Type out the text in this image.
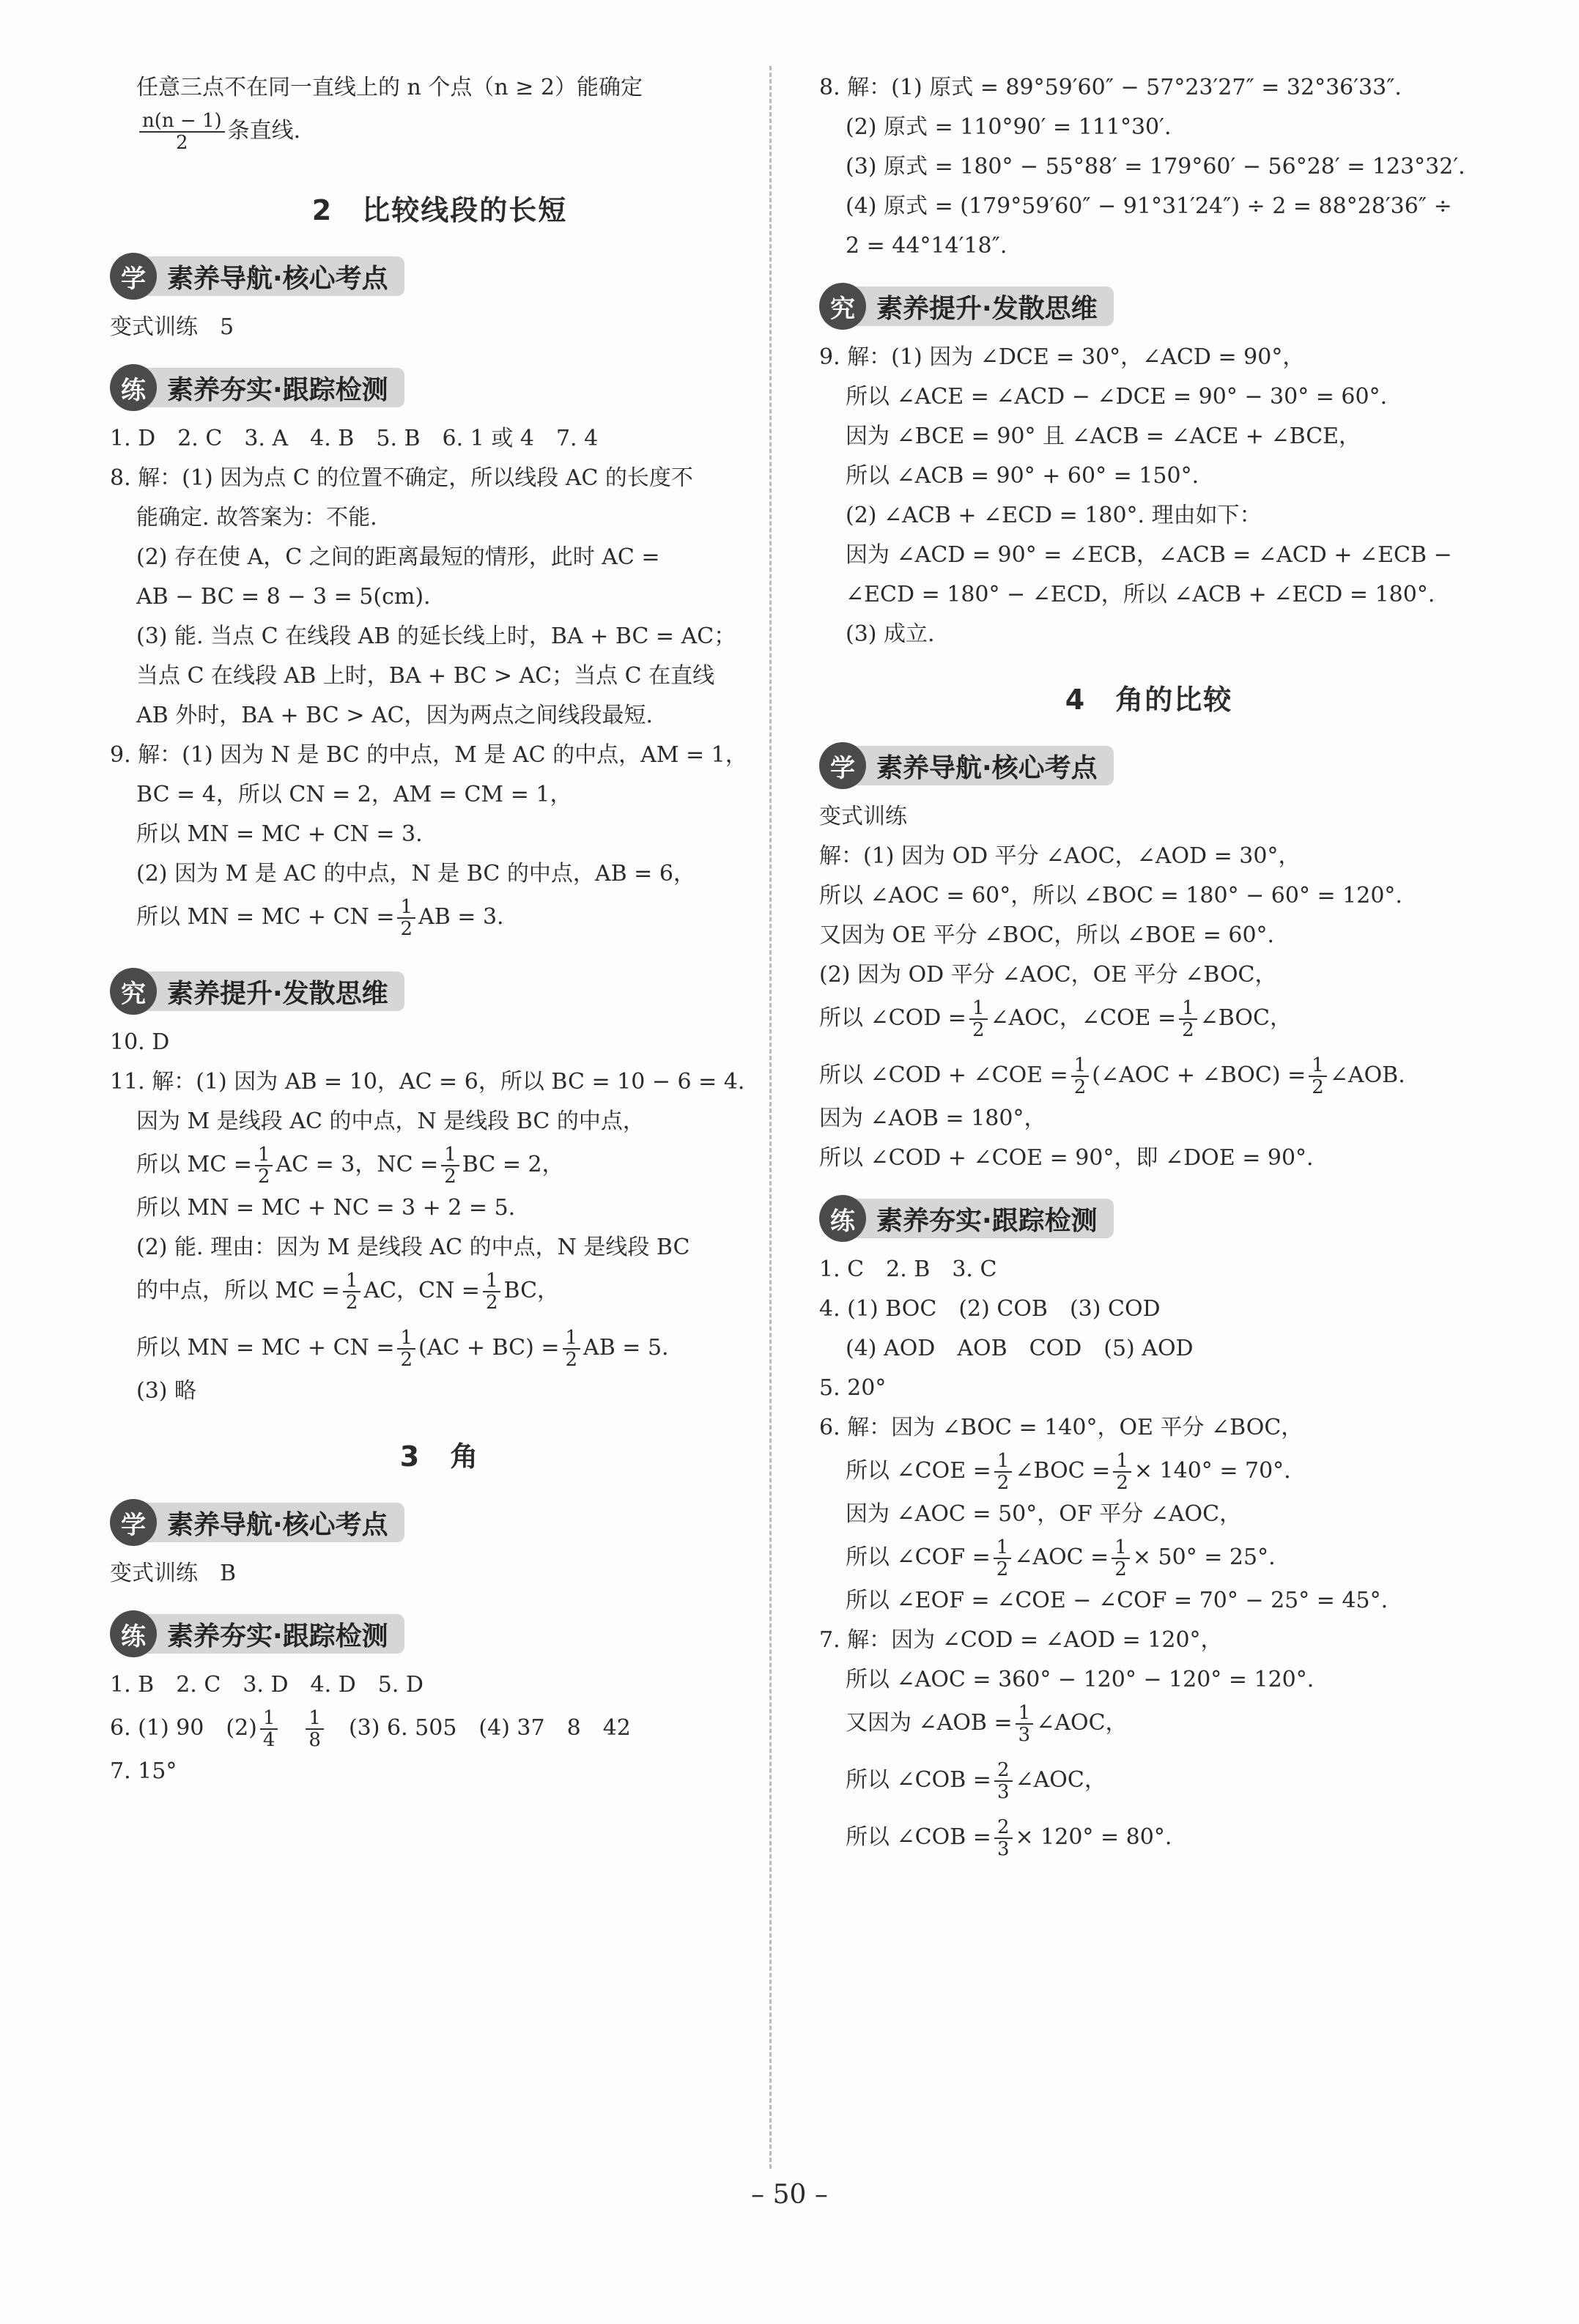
任意三点不在同一直线上的 n 个点（n ≥ 2）能确定
$\frac{n(n - 1)}{2}$ 条直线.
2　比较线段的长短
学 素养导航·核心考点
变式训练　5
练 素养夯实·跟踪检测
1. D　2. C　3. A　4. B　5. B　6. 1 或 4　7. 4
8. 解：(1) 因为点 C 的位置不确定，所以线段 AC 的长度不
能确定. 故答案为：不能.
(2) 存在使 A，C 之间的距离最短的情形，此时 AC =
AB − BC = 8 − 3 = 5(cm).
(3) 能. 当点 C 在线段 AB 的延长线上时，BA + BC = AC；
当点 C 在线段 AB 上时，BA + BC > AC；当点 C 在直线
AB 外时，BA + BC > AC，因为两点之间线段最短.
9. 解：(1) 因为 N 是 BC 的中点，M 是 AC 的中点，AM = 1，
BC = 4，所以 CN = 2，AM = CM = 1，
所以 MN = MC + CN = 3.
(2) 因为 M 是 AC 的中点，N 是 BC 的中点，AB = 6，
所以 MN = MC + CN = $\frac{1}{2}$ AB = 3.
究 素养提升·发散思维
10. D
11. 解：(1) 因为 AB = 10，AC = 6，所以 BC = 10 − 6 = 4.
因为 M 是线段 AC 的中点，N 是线段 BC 的中点，
所以 MC = $\frac{1}{2}$ AC = 3，NC = $\frac{1}{2}$ BC = 2，
所以 MN = MC + NC = 3 + 2 = 5.
(2) 能. 理由：因为 M 是线段 AC 的中点，N 是线段 BC
的中点，所以 MC = $\frac{1}{2}$ AC，CN = $\frac{1}{2}$ BC，
所以 MN = MC + CN = $\frac{1}{2} (AC + BC) = \frac{1}{2}$ AB = 5.
(3) 略
3　角
学 素养导航·核心考点
变式训练　B
练 素养夯实·跟踪检测
1. B　2. C　3. D　4. D　5. D
6. (1) 90　$(2) \frac{1}{4}$
　 $\frac{1}{8}$
　 (3) 6. 505　(4) 37　8　42
7. 15°
8. 解：(1) 原式 = 89°59′60″ − 57°23′27″ = 32°36′33″.
(2) 原式 = 110°90′ = 111°30′.
(3) 原式 = 180° − 55°88′ = 179°60′ − 56°28′ = 123°32′.
(4) 原式 = (179°59′60″ − 91°31′24″) ÷ 2 = 88°28′36″ ÷
2 = 44°14′18″.
究 素养提升·发散思维
9. 解：(1) 因为 ∠DCE = 30°，∠ACD = 90°，
所以 ∠ACE = ∠ACD − ∠DCE = 90° − 30° = 60°.
因为 ∠BCE = 90° 且 ∠ACB = ∠ACE + ∠BCE，
所以 ∠ACB = 90° + 60° = 150°.
(2) ∠ACB + ∠ECD = 180°. 理由如下：
因为 ∠ACD = 90° = ∠ECB，∠ACB = ∠ACD + ∠ECB −
∠ECD = 180° − ∠ECD，所以 ∠ACB + ∠ECD = 180°.
(3) 成立.
4　角的比较
学 素养导航·核心考点
变式训练
解：(1) 因为 OD 平分 ∠AOC，∠AOD = 30°，
所以 ∠AOC = 60°，所以 ∠BOC = 180° − 60° = 120°.
又因为 OE 平分 ∠BOC，所以 ∠BOE = 60°.
(2) 因为 OD 平分 ∠AOC，OE 平分 ∠BOC，
所以 ∠COD = $\frac{1}{2}$ ∠AOC，∠COE = $\frac{1}{2}$ ∠BOC，
所以 ∠COD + ∠COE = $\frac{1}{2}$ (∠AOC + ∠BOC) = $\frac{1}{2}$ ∠AOB.
因为 ∠AOB = 180°，
所以 ∠COD + ∠COE = 90°，即 ∠DOE = 90°.
练 素养夯实·跟踪检测
1. C　2. B　3. C
4. (1) BOC　(2) COB　(3) COD
(4) AOD　AOB　COD　(5) AOD
5. 20°
6. 解：因为 ∠BOC = 140°，OE 平分 ∠BOC，
所以 ∠COE = $\frac{1}{2}$ ∠BOC = $\frac{1}{2} \times 140^\circ = 70^\circ$.
因为 ∠AOC = 50°，OF 平分 ∠AOC，
所以 ∠COF = $\frac{1}{2}$ ∠AOC = $\frac{1}{2} \times 50^\circ = 25^\circ$.
所以 ∠EOF = ∠COE − ∠COF = 70° − 25° = 45°.
7. 解：因为 ∠COD = ∠AOD = 120°，
所以 ∠AOC = 360° − 120° − 120° = 120°.
又因为 ∠AOB = $\frac{1}{3}$ ∠AOC，
所以 ∠COB = $\frac{2}{3}$ ∠AOC，
所以 ∠COB = $\frac{2}{3} \times 120^\circ = 80^\circ$.
– 50 –
